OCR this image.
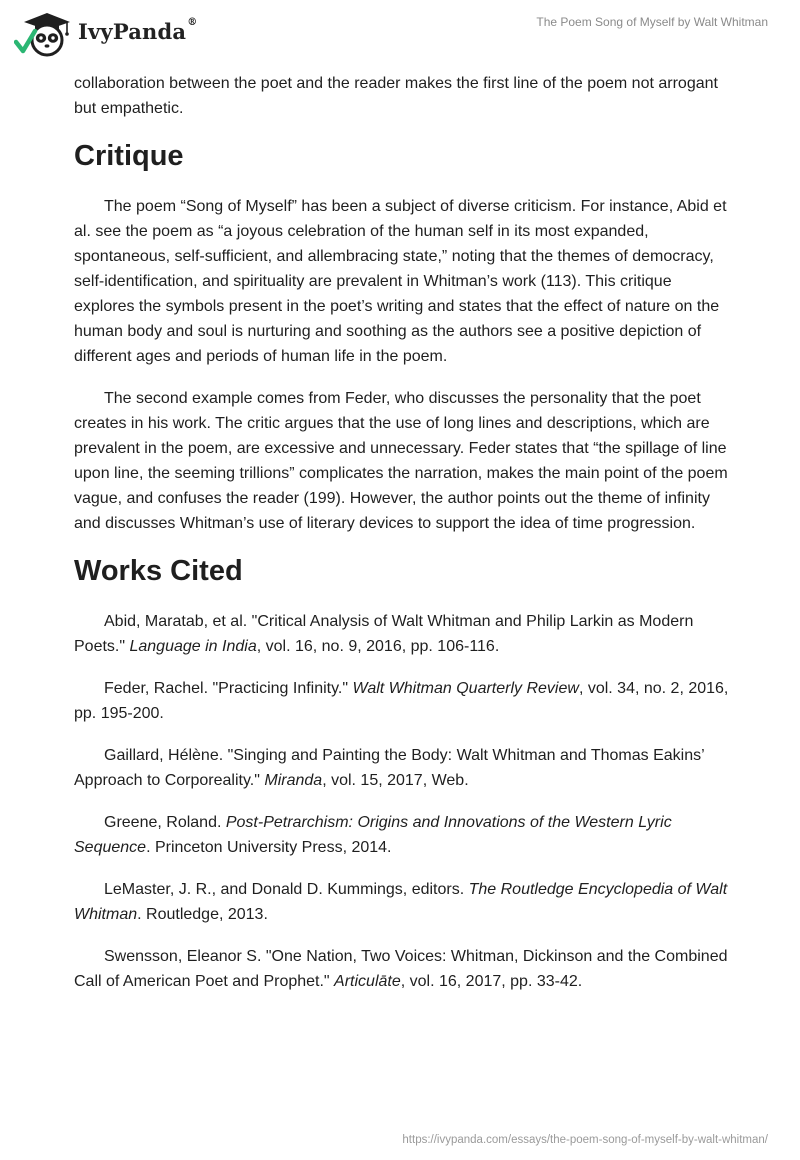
IvyPanda®	The Poem Song of Myself by Walt Whitman

collaboration between the poet and the reader makes the first line of the poem not arrogant but empathetic.

Critique

The poem “Song of Myself” has been a subject of diverse criticism. For instance, Abid et al. see the poem as “a joyous celebration of the human self in its most expanded, spontaneous, self-sufficient, and allembracing state,” noting that the themes of democracy, self-identification, and spirituality are prevalent in Whitman’s work (113). This critique explores the symbols present in the poet’s writing and states that the effect of nature on the human body and soul is nurturing and soothing as the authors see a positive depiction of different ages and periods of human life in the poem.

The second example comes from Feder, who discusses the personality that the poet creates in his work. The critic argues that the use of long lines and descriptions, which are prevalent in the poem, are excessive and unnecessary. Feder states that “the spillage of line upon line, the seeming trillions” complicates the narration, makes the main point of the poem vague, and confuses the reader (199). However, the author points out the theme of infinity and discusses Whitman’s use of literary devices to support the idea of time progression.

Works Cited

Abid, Maratab, et al. "Critical Analysis of Walt Whitman and Philip Larkin as Modern Poets." Language in India, vol. 16, no. 9, 2016, pp. 106-116.

Feder, Rachel. "Practicing Infinity." Walt Whitman Quarterly Review, vol. 34, no. 2, 2016, pp. 195-200.

Gaillard, Hélène. "Singing and Painting the Body: Walt Whitman and Thomas Eakins’ Approach to Corporeality." Miranda, vol. 15, 2017, Web.

Greene, Roland. Post-Petrarchism: Origins and Innovations of the Western Lyric Sequence. Princeton University Press, 2014.

LeMaster, J. R., and Donald D. Kummings, editors. The Routledge Encyclopedia of Walt Whitman. Routledge, 2013.

Swensson, Eleanor S. "One Nation, Two Voices: Whitman, Dickinson and the Combined Call of American Poet and Prophet." Articulāte, vol. 16, 2017, pp. 33-42.

https://ivypanda.com/essays/the-poem-song-of-myself-by-walt-whitman/
